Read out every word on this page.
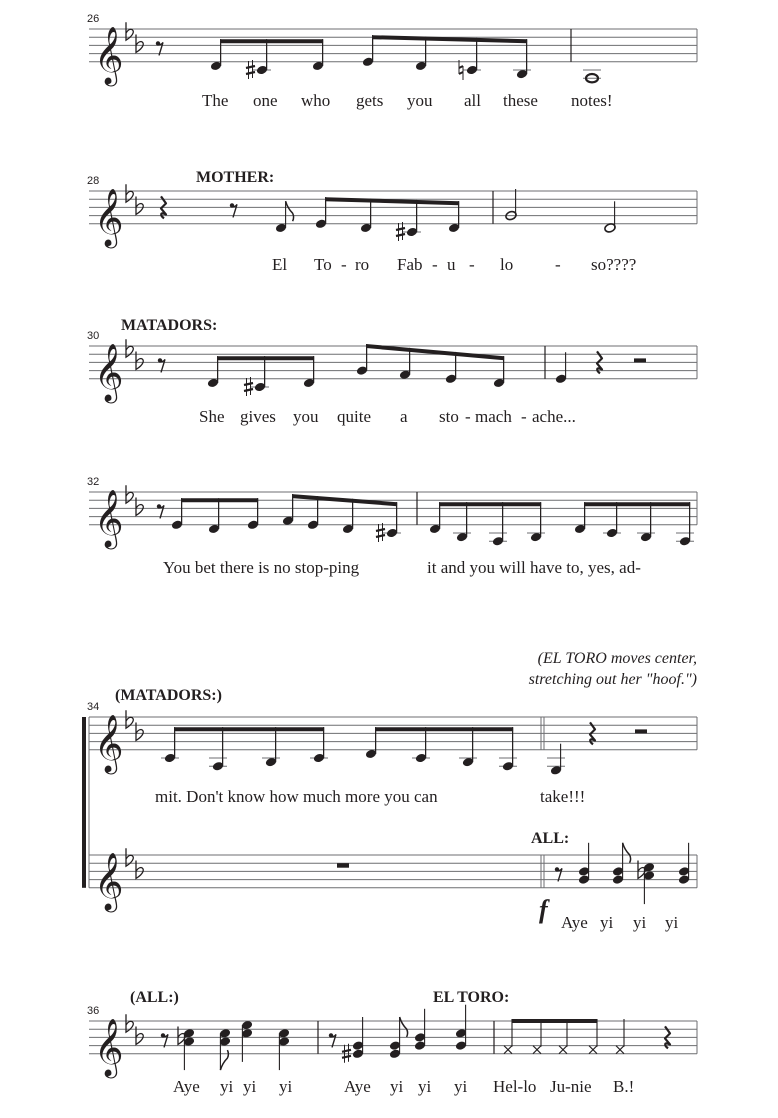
𝄞
26
The one who gets you all these notes!
𝄞
28	MOTHER:
El To - ro Fab - u - lo - so????
𝄞
30
MATADORS:
She gives you quite a sto - mach - ache...
𝄞
32
You bet there is no stop-ping	it and you will have to, yes, ad-
𝄞
34
(MATADORS:)
(EL TORO moves center,
stretching out her "hoof.")
mit. Don't know how much more you can	take!!!
𝄞
ALL:
f Aye yi yi yi
𝄞
36
(ALL:)	EL TORO:
Aye yi yi yi	Aye yi yi yi Hel-lo Ju-nie B.!
